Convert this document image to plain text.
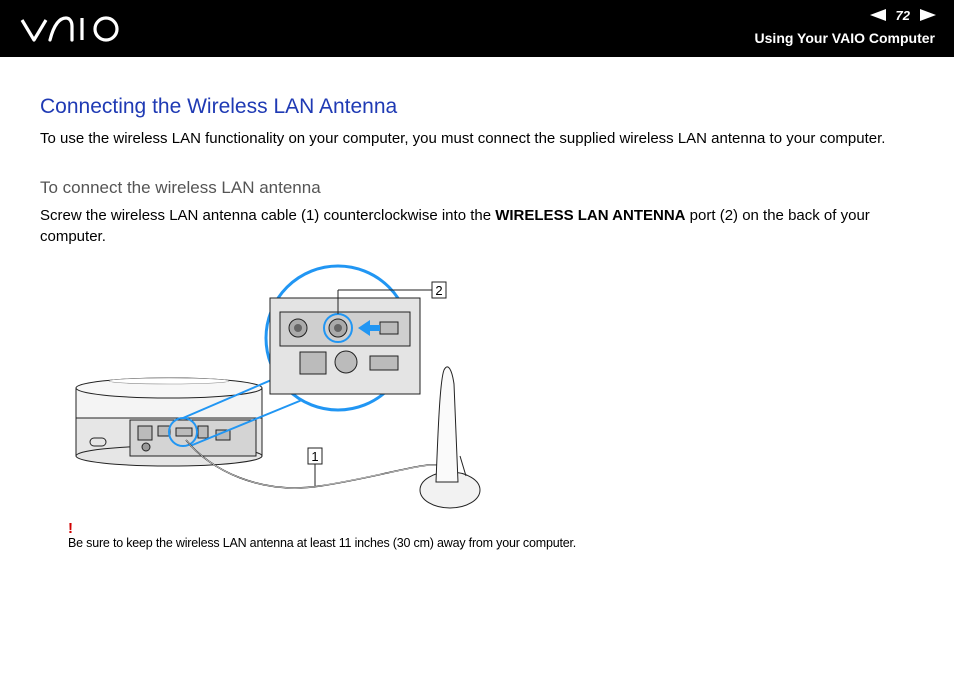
72
Using Your VAIO Computer
Connecting the Wireless LAN Antenna

To use the wireless LAN functionality on your computer, you must connect the supplied wireless LAN antenna to your computer.

To connect the wireless LAN antenna

Screw the wireless LAN antenna cable (1) counterclockwise into the WIRELESS LAN ANTENNA port (2) on the back of your computer.

2
1
!

Be sure to keep the wireless LAN antenna at least 11 inches (30 cm) away from your computer.
